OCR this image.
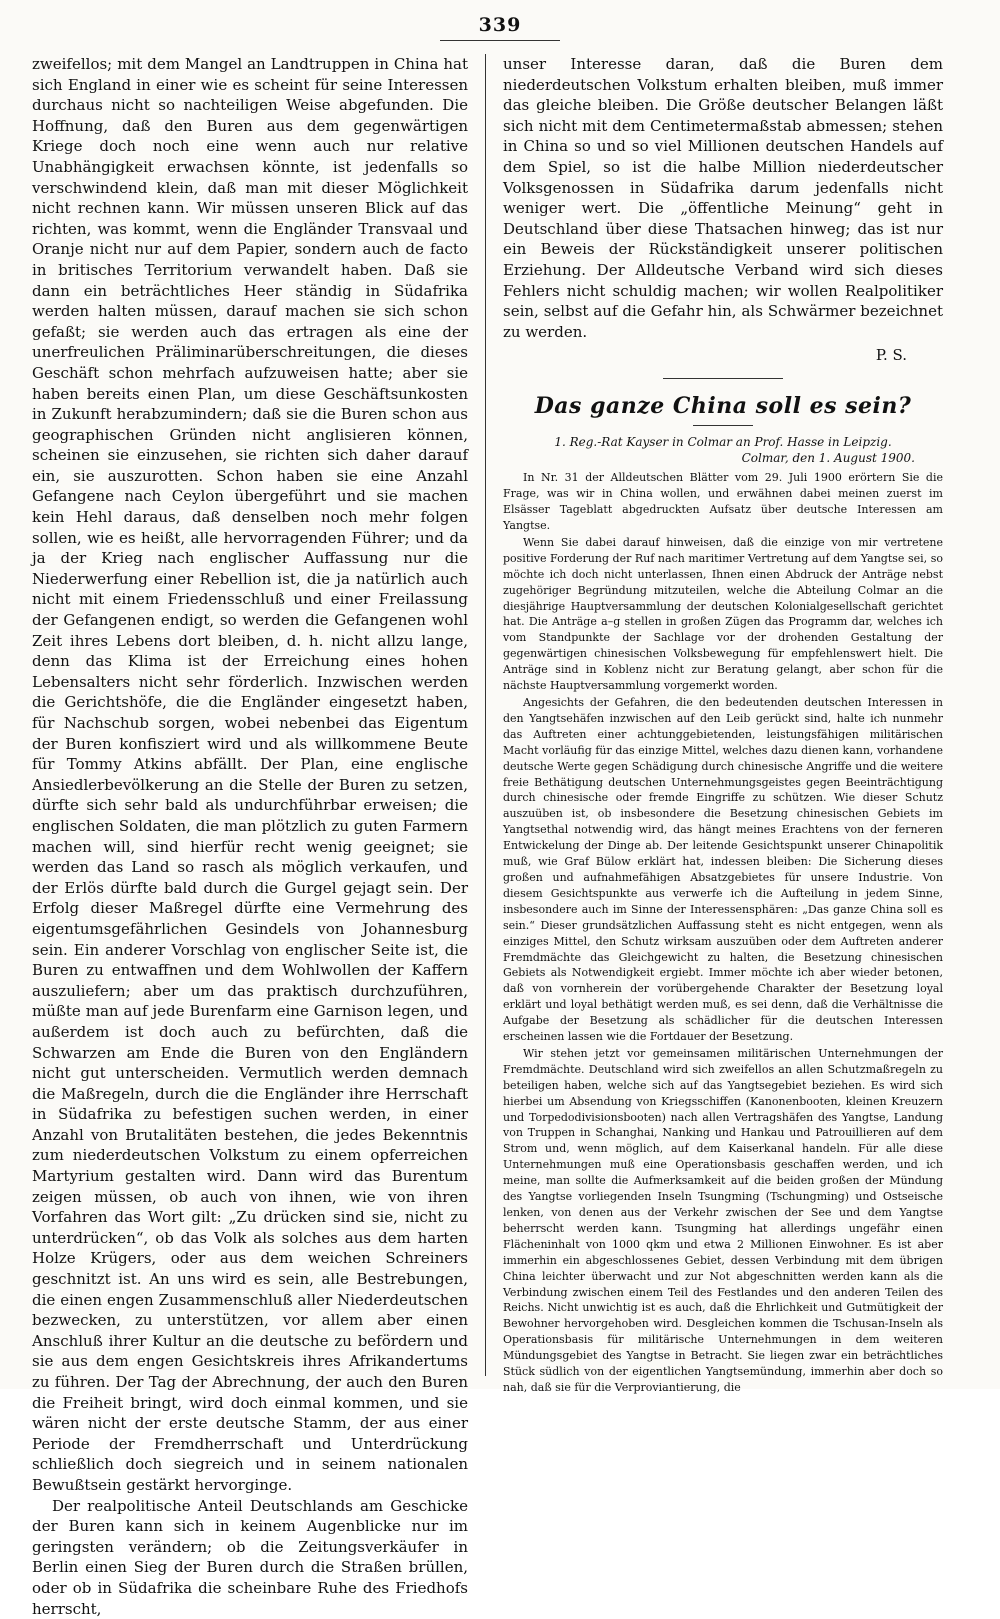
339

zweifellos; mit dem Mangel an Landtruppen in China hat sich England in einer wie es scheint für seine Interessen durchaus nicht so nachteiligen Weise abgefunden. Die Hoffnung, daß den Buren aus dem gegenwärtigen Kriege doch noch eine wenn auch nur relative Unabhängigkeit erwachsen könnte, ist jedenfalls so verschwindend klein, daß man mit dieser Möglichkeit nicht rechnen kann. Wir müssen unseren Blick auf das richten, was kommt, wenn die Engländer Transvaal und Oranje nicht nur auf dem Papier, sondern auch de facto in britisches Territorium verwandelt haben. Daß sie dann ein beträchtliches Heer ständig in Südafrika werden halten müssen, darauf machen sie sich schon gefaßt; sie werden auch das ertragen als eine der unerfreulichen Präliminarüberschreitungen, die dieses Geschäft schon mehrfach aufzuweisen hatte; aber sie haben bereits einen Plan, um diese Geschäftsunkosten in Zukunft herabzumindern; daß sie die Buren schon aus geographischen Gründen nicht anglisieren können, scheinen sie einzusehen, sie richten sich daher darauf ein, sie auszurotten. Schon haben sie eine Anzahl Gefangene nach Ceylon übergeführt und sie machen kein Hehl daraus, daß denselben noch mehr folgen sollen, wie es heißt, alle hervorragenden Führer; und da ja der Krieg nach englischer Auffassung nur die Niederwerfung einer Rebellion ist, die ja natürlich auch nicht mit einem Friedensschluß und einer Freilassung der Gefangenen endigt, so werden die Gefangenen wohl Zeit ihres Lebens dort bleiben, d. h. nicht allzu lange, denn das Klima ist der Erreichung eines hohen Lebensalters nicht sehr förderlich. Inzwischen werden die Gerichtshöfe, die die Engländer eingesetzt haben, für Nachschub sorgen, wobei nebenbei das Eigentum der Buren konfisziert wird und als willkommene Beute für Tommy Atkins abfällt. Der Plan, eine englische Ansiedlerbevölkerung an die Stelle der Buren zu setzen, dürfte sich sehr bald als undurchführbar erweisen; die englischen Soldaten, die man plötzlich zu guten Farmern machen will, sind hierfür recht wenig geeignet; sie werden das Land so rasch als möglich verkaufen, und der Erlös dürfte bald durch die Gurgel gejagt sein. Der Erfolg dieser Maßregel dürfte eine Vermehrung des eigentumsgefährlichen Gesindels von Johannesburg sein. Ein anderer Vorschlag von englischer Seite ist, die Buren zu entwaffnen und dem Wohlwollen der Kaffern auszuliefern; aber um das praktisch durchzuführen, müßte man auf jede Burenfarm eine Garnison legen, und außerdem ist doch auch zu befürchten, daß die Schwarzen am Ende die Buren von den Engländern nicht gut unterscheiden. Vermutlich werden demnach die Maßregeln, durch die die Engländer ihre Herrschaft in Südafrika zu befestigen suchen werden, in einer Anzahl von Brutalitäten bestehen, die jedes Bekenntnis zum niederdeutschen Volkstum zu einem opferreichen Martyrium gestalten wird. Dann wird das Burentum zeigen müssen, ob auch von ihnen, wie von ihren Vorfahren das Wort gilt: „Zu drücken sind sie, nicht zu unterdrücken“, ob das Volk als solches aus dem harten Holze Krügers, oder aus dem weichen Schreiners geschnitzt ist. An uns wird es sein, alle Bestrebungen, die einen engen Zusammenschluß aller Niederdeutschen bezwecken, zu unterstützen, vor allem aber einen Anschluß ihrer Kultur an die deutsche zu befördern und sie aus dem engen Gesichtskreis ihres Afrikandertums zu führen. Der Tag der Abrechnung, der auch den Buren die Freiheit bringt, wird doch einmal kommen, und sie wären nicht der erste deutsche Stamm, der aus einer Periode der Fremdherrschaft und Unterdrückung schließlich doch siegreich und in seinem nationalen Bewußtsein gestärkt hervorginge.

Der realpolitische Anteil Deutschlands am Geschicke der Buren kann sich in keinem Augenblicke nur im geringsten verändern; ob die Zeitungsverkäufer in Berlin einen Sieg der Buren durch die Straßen brüllen, oder ob in Südafrika die scheinbare Ruhe des Friedhofs herrscht,

unser Interesse daran, daß die Buren dem niederdeutschen Volkstum erhalten bleiben, muß immer das gleiche bleiben. Die Größe deutscher Belangen läßt sich nicht mit dem Centimetermaßstab abmessen; stehen in China so und so viel Millionen deutschen Handels auf dem Spiel, so ist die halbe Million niederdeutscher Volksgenossen in Südafrika darum jedenfalls nicht weniger wert. Die „öffentliche Meinung“ geht in Deutschland über diese Thatsachen hinweg; das ist nur ein Beweis der Rückständigkeit unserer politischen Erziehung. Der Alldeutsche Verband wird sich dieses Fehlers nicht schuldig machen; wir wollen Realpolitiker sein, selbst auf die Gefahr hin, als Schwärmer bezeichnet zu werden.

P. S.
Das ganze China soll es sein?

1. Reg.-Rat Kayser in Colmar an Prof. Hasse in Leipzig.

Colmar, den 1. August 1900.

In Nr. 31 der Alldeutschen Blätter vom 29. Juli 1900 erörtern Sie die Frage, was wir in China wollen, und erwähnen dabei meinen zuerst im Elsässer Tageblatt abgedruckten Aufsatz über deutsche Interessen am Yangtse.

Wenn Sie dabei darauf hinweisen, daß die einzige von mir vertretene positive Forderung der Ruf nach maritimer Vertretung auf dem Yangtse sei, so möchte ich doch nicht unterlassen, Ihnen einen Abdruck der Anträge nebst zugehöriger Begründung mitzuteilen, welche die Abteilung Colmar an die diesjährige Hauptversammlung der deutschen Kolonialgesellschaft gerichtet hat. Die Anträge a–g stellen in großen Zügen das Programm dar, welches ich vom Standpunkte der Sachlage vor der drohenden Gestaltung der gegenwärtigen chinesischen Volksbewegung für empfehlenswert hielt. Die Anträge sind in Koblenz nicht zur Beratung gelangt, aber schon für die nächste Hauptversammlung vorgemerkt worden.

Angesichts der Gefahren, die den bedeutenden deutschen Interessen in den Yangtsehäfen inzwischen auf den Leib gerückt sind, halte ich nunmehr das Auftreten einer achtunggebietenden, leistungsfähigen militärischen Macht vorläufig für das einzige Mittel, welches dazu dienen kann, vorhandene deutsche Werte gegen Schädigung durch chinesische Angriffe und die weitere freie Bethätigung deutschen Unternehmungsgeistes gegen Beeinträchtigung durch chinesische oder fremde Eingriffe zu schützen. Wie dieser Schutz auszuüben ist, ob insbesondere die Besetzung chinesischen Gebiets im Yangtsethal notwendig wird, das hängt meines Erachtens von der ferneren Entwickelung der Dinge ab. Der leitende Gesichtspunkt unserer Chinapolitik muß, wie Graf Bülow erklärt hat, indessen bleiben: Die Sicherung dieses großen und aufnahmefähigen Absatzgebietes für unsere Industrie. Von diesem Gesichtspunkte aus verwerfe ich die Aufteilung in jedem Sinne, insbesondere auch im Sinne der Interessensphären: „Das ganze China soll es sein.“ Dieser grundsätzlichen Auffassung steht es nicht entgegen, wenn als einziges Mittel, den Schutz wirksam auszuüben oder dem Auftreten anderer Fremdmächte das Gleichgewicht zu halten, die Besetzung chinesischen Gebiets als Notwendigkeit ergiebt. Immer möchte ich aber wieder betonen, daß von vornherein der vorübergehende Charakter der Besetzung loyal erklärt und loyal bethätigt werden muß, es sei denn, daß die Verhältnisse die Aufgabe der Besetzung als schädlicher für die deutschen Interessen erscheinen lassen wie die Fortdauer der Besetzung.

Wir stehen jetzt vor gemeinsamen militärischen Unternehmungen der Fremdmächte. Deutschland wird sich zweifellos an allen Schutzmaßregeln zu beteiligen haben, welche sich auf das Yangtsegebiet beziehen. Es wird sich hierbei um Absendung von Kriegsschiffen (Kanonenbooten, kleinen Kreuzern und Torpedodivisionsbooten) nach allen Vertragshäfen des Yangtse, Landung von Truppen in Schanghai, Nanking und Hankau und Patrouillieren auf dem Strom und, wenn möglich, auf dem Kaiserkanal handeln. Für alle diese Unternehmungen muß eine Operationsbasis geschaffen werden, und ich meine, man sollte die Aufmerksamkeit auf die beiden großen der Mündung des Yangtse vorliegenden Inseln Tsungming (Tschungming) und Ostseische lenken, von denen aus der Verkehr zwischen der See und dem Yangtse beherrscht werden kann. Tsungming hat allerdings ungefähr einen Flächeninhalt von 1000 qkm und etwa 2 Millionen Einwohner. Es ist aber immerhin ein abgeschlossenes Gebiet, dessen Verbindung mit dem übrigen China leichter überwacht und zur Not abgeschnitten werden kann als die Verbindung zwischen einem Teil des Festlandes und den anderen Teilen des Reichs. Nicht unwichtig ist es auch, daß die Ehrlichkeit und Gutmütigkeit der Bewohner hervorgehoben wird. Desgleichen kommen die Tschusan-Inseln als Operationsbasis für militärische Unternehmungen in dem weiteren Mündungsgebiet des Yangtse in Betracht. Sie liegen zwar ein beträchtliches Stück südlich von der eigentlichen Yangtsemündung, immerhin aber doch so nah, daß sie für die Verproviantierung, die
